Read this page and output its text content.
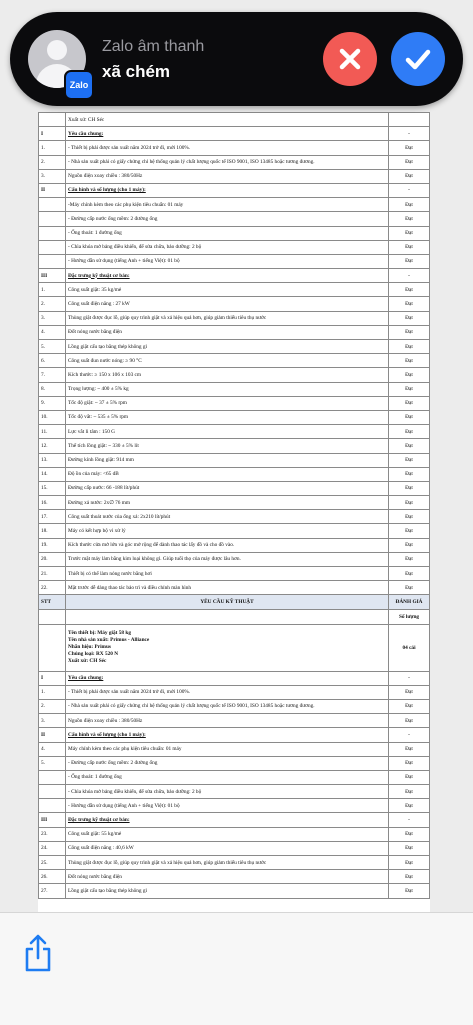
	Xuất xứ: CH Séc	
I	Yêu cầu chung:	-
1.	- Thiết bị phải được sản xuất năm 2024 trở đi, mới 100%.	Đạt
2.	- Nhà sản xuất phải có giấy chứng chỉ hệ thống quản lý chất lượng quốc tế ISO 9001, ISO 13485 hoặc tương đương.	Đạt
3.	Nguồn điện xoay chiều : 380/50Hz	Đạt
II	Cấu hình và số lượng (cho 1 máy):	-
	-Máy chính kèm theo các phụ kiện tiêu chuẩn: 01 máy	Đạt
	- Đường cấp nước ống mềm: 2 đường ống	Đạt
	- Ống thoát: 1 đường ống	Đạt
	- Chìa khóa mở bảng điều khiển, để sửa chữa, bảo dưỡng: 2 bộ	Đạt
	- Hướng dẫn sử dụng (tiếng Anh + tiếng Việt): 01 bộ	Đạt
III	Đặc trưng kỹ thuật cơ bản:	-
1.	Công suất giặt: 35 kg/mẻ	Đạt
2.	Công suất điện năng : 27 kW	Đạt
3.	Thùng giặt được đục lỗ, giúp quy trình giặt và xả hiệu quả hơn, giúp giảm thiểu tiêu thụ nước	Đạt
4.	Đốt nóng nước bằng điện	Đạt
5.	Lồng giặt cấu tạo bằng thép không gỉ	Đạt
6.	Công suất đun nước nóng: ≥ 90 °C	Đạt
7.	Kích thước: ≥ 150 x 106 x 103 cm	Đạt
8.	Trọng lượng: ~ 400 ± 5% kg	Đạt
9.	Tốc độ giặt: ~ 37 ± 5% rpm	Đạt
10.	Tốc độ vắt: ~ 535 ± 5% rpm	Đạt
11.	Lực vắt li tâm : 150 G	Đạt
12.	Thể tích lồng giặt: ~ 330 ± 5% lít	Đạt
13.	Đường kính lồng giặt: 914 mm	Đạt
14.	Độ ồn của máy: <65 dB	Đạt
15.	Đường cấp nước: 66 -188 lít/phút	Đạt
16.	Đường xả nước: 2x∅ 76 mm	Đạt
17.	Công suất thoát nước của ống xả: 2x210 lít/phút	Đạt
18.	Máy có kết hợp bộ vi xử lý	Đạt
19.	Kích thước cửa mở lớn và góc mở rộng để dành thao tác lấy đồ và cho đồ vào.	Đạt
20.	Trước mặt máy làm bằng kim loại không gỉ. Giúp tuổi thọ của máy được lâu hơn.	Đạt
21.	Thiết bị có thể làm nóng nước bằng hơi	Đạt
22.	Mặt trước dễ dàng thao tác bảo trì và điều chỉnh màn hình	Đạt
STT	YÊU CẦU KỸ THUẬT	ĐÁNH GIÁ
		Số lượng

	Tên thiết bị: Máy giặt 58 kg
Tên nhà sản xuất: Primus - Alliance
Nhãn hiệu: Primus
Chủng loại: RX 520 N
Xuất xứ: CH Séc	04 cái
I	Yêu cầu chung:	-
1.	- Thiết bị phải được sản xuất năm 2024 trở đi, mới 100%.	Đạt
2.	- Nhà sản xuất phải có giấy chứng chỉ hệ thống quản lý chất lượng quốc tế ISO 9001, ISO 13485 hoặc tương đương.	Đạt
3.	Nguồn điện xoay chiều : 380/50Hz	Đạt
II	Cấu hình và số lượng (cho 1 máy):	-
4.	Máy chính kèm theo các phụ kiện tiêu chuẩn: 01 máy	Đạt
5.	- Đường cấp nước ống mềm: 2 đường ống	Đạt
	- Ống thoát: 1 đường ống	Đạt
	- Chìa khóa mở bảng điều khiển, để sửa chữa, bảo dưỡng: 2 bộ	Đạt
	- Hướng dẫn sử dụng (tiếng Anh + tiếng Việt): 01 bộ	Đạt
III	Đặc trưng kỹ thuật cơ bản:	-
23.	Công suất giặt: 55 kg/mẻ	Đạt
24.	Công suất điện năng : 40,6 kW	Đạt
25.	Thùng giặt được đục lỗ, giúp quy trình giặt và xả hiệu quả hơn, giúp giảm thiểu tiêu thụ nước	Đạt
26.	Đốt nóng nước bằng điện	Đạt
27.	Lồng giặt cấu tạo bằng thép không gỉ	Đạt
Zalo
Zalo âm thanh
xã chém
